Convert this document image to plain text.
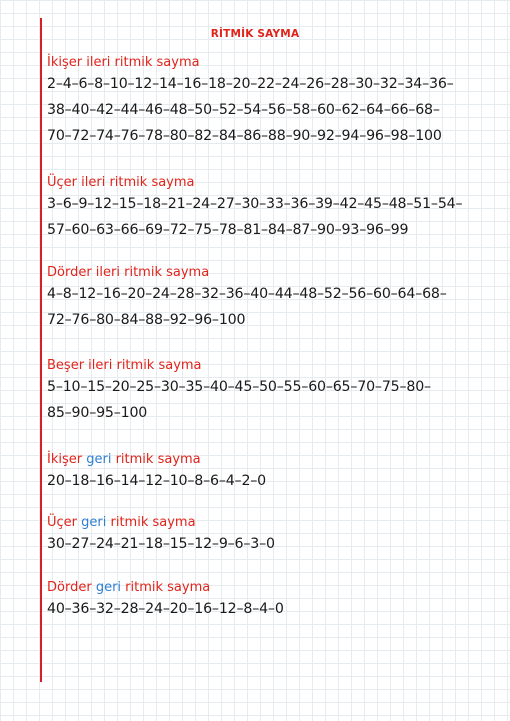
RİTMİK SAYMA
İkişer ileri ritmik sayma
2–4–6–8–10–12–14–16–18–20–22–24–26–28–30–32–34–36–
38–40–42–44–46–48–50–52–54–56–58–60–62–64–66–68–
70–72–74–76–78–80–82–84–86–88–90–92–94–96–98–100
Üçer ileri ritmik sayma
3–6–9–12–15–18–21–24–27–30–33–36–39–42–45–48–51–54–
57–60–63–66–69–72–75–78–81–84–87–90–93–96–99
Dörder ileri ritmik sayma
4–8–12–16–20–24–28–32–36–40–44–48–52–56–60–64–68–
72–76–80–84–88–92–96–100
Beşer ileri ritmik sayma
5–10–15–20–25–30–35–40–45–50–55–60–65–70–75–80–
85–90–95–100
İkişer geri ritmik sayma
20–18–16–14–12–10–8–6–4–2–0
Üçer geri ritmik sayma
30–27–24–21–18–15–12–9–6–3–0
Dörder geri ritmik sayma
40–36–32–28–24–20–16–12–8–4–0
